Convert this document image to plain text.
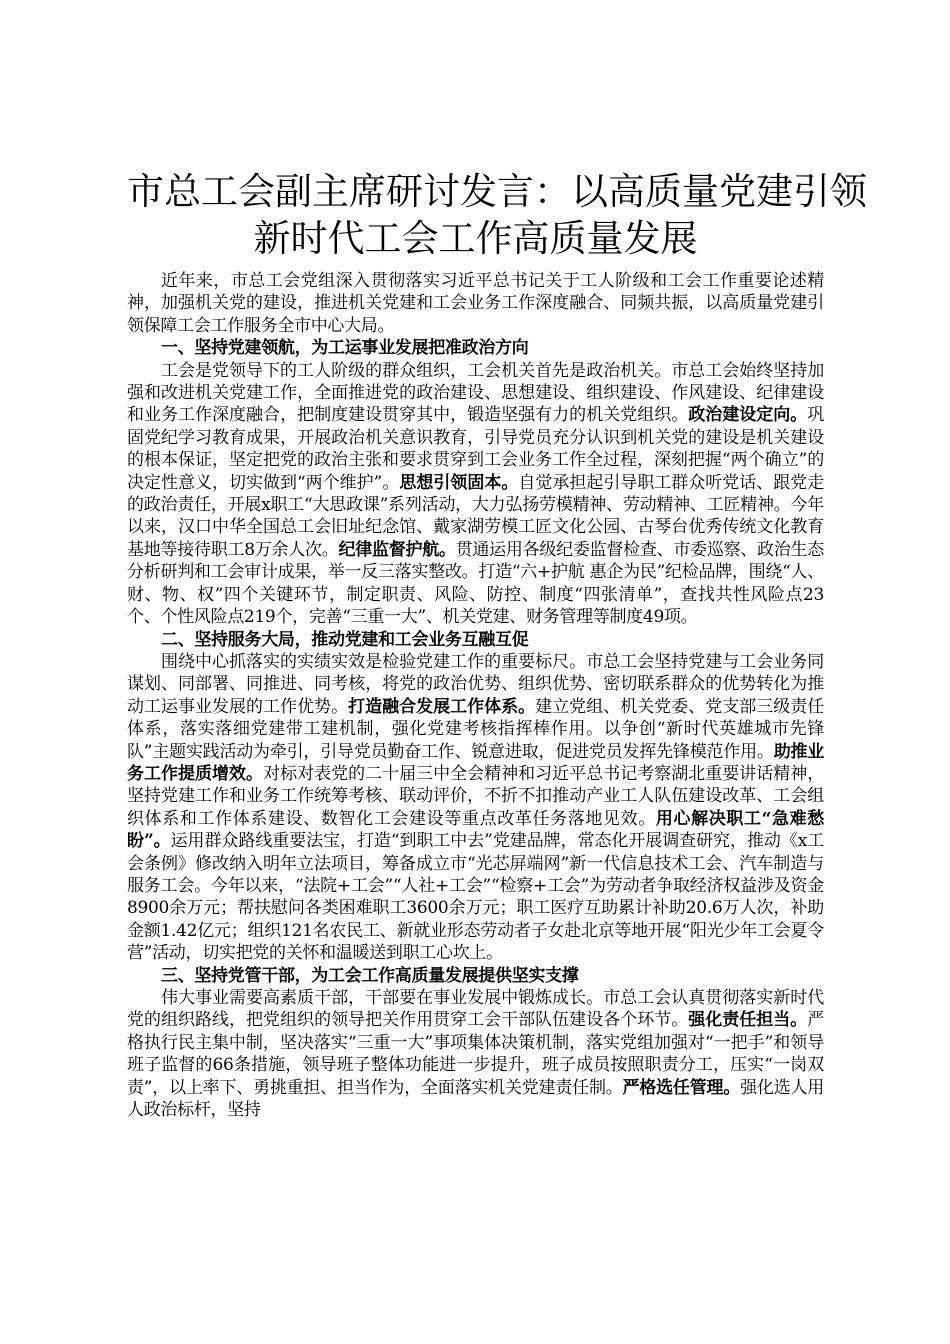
市总工会副主席研讨发言：以高质量党建引领
新时代工会工作高质量发展

近年来，市总工会党组深入贯彻落实习近平总书记关于工人阶级和工会工作重要论述精神，加强机关党的建设，推进机关党建和工会业务工作深度融合、同频共振，以高质量党建引领保障工会工作服务全市中心大局。

一、坚持党建领航，为工运事业发展把准政治方向

工会是党领导下的工人阶级的群众组织，工会机关首先是政治机关。市总工会始终坚持加强和改进机关党建工作，全面推进党的政治建设、思想建设、组织建设、作风建设、纪律建设和业务工作深度融合，把制度建设贯穿其中，锻造坚强有力的机关党组织。政治建设定向。巩固党纪学习教育成果，开展政治机关意识教育，引导党员充分认识到机关党的建设是机关建设的根本保证，坚定把党的政治主张和要求贯穿到工会业务工作全过程，深刻把握“两个确立”的决定性意义，切实做到“两个维护”。思想引领固本。自觉承担起引导职工群众听党话、跟党走的政治责任，开展x职工“大思政课”系列活动，大力弘扬劳模精神、劳动精神、工匠精神。今年以来，汉口中华全国总工会旧址纪念馆、戴家湖劳模工匠文化公园、古琴台优秀传统文化教育基地等接待职工8万余人次。纪律监督护航。贯通运用各级纪委监督检查、市委巡察、政治生态分析研判和工会审计成果，举一反三落实整改。打造“六+护航 惠企为民”纪检品牌，围绕“人、财、物、权”四个关键环节，制定职责、风险、防控、制度“四张清单”，查找共性风险点23个、个性风险点219个，完善“三重一大”、机关党建、财务管理等制度49项。

二、坚持服务大局，推动党建和工会业务互融互促

围绕中心抓落实的实绩实效是检验党建工作的重要标尺。市总工会坚持党建与工会业务同谋划、同部署、同推进、同考核，将党的政治优势、组织优势、密切联系群众的优势转化为推动工运事业发展的工作优势。打造融合发展工作体系。建立党组、机关党委、党支部三级责任体系，落实落细党建带工建机制，强化党建考核指挥棒作用。以争创“新时代英雄城市先锋队”主题实践活动为牵引，引导党员勤奋工作、锐意进取，促进党员发挥先锋模范作用。助推业务工作提质增效。对标对表党的二十届三中全会精神和习近平总书记考察湖北重要讲话精神，坚持党建工作和业务工作统筹考核、联动评价，不折不扣推动产业工人队伍建设改革、工会组织体系和工作体系建设、数智化工会建设等重点改革任务落地见效。用心解决职工“急难愁盼”。运用群众路线重要法宝，打造“到职工中去”党建品牌，常态化开展调查研究，推动《x工会条例》修改纳入明年立法项目，筹备成立市“光芯屏端网”新一代信息技术工会、汽车制造与服务工会。今年以来，“法院+工会”“人社+工会”“检察+工会”为劳动者争取经济权益涉及资金8900余万元；帮扶慰问各类困难职工3600余万元；职工医疗互助累计补助20.6万人次，补助金额1.42亿元；组织121名农民工、新就业形态劳动者子女赴北京等地开展“阳光少年工会夏令营”活动，切实把党的关怀和温暖送到职工心坎上。

三、坚持党管干部，为工会工作高质量发展提供坚实支撑

伟大事业需要高素质干部，干部要在事业发展中锻炼成长。市总工会认真贯彻落实新时代党的组织路线，把党组织的领导把关作用贯穿工会干部队伍建设各个环节。强化责任担当。严格执行民主集中制，坚决落实“三重一大”事项集体决策机制，落实党组加强对“一把手”和领导班子监督的66条措施，领导班子整体功能进一步提升，班子成员按照职责分工，压实“一岗双责”，以上率下、勇挑重担、担当作为，全面落实机关党建责任制。严格选任管理。强化选人用人政治标杆，坚持
